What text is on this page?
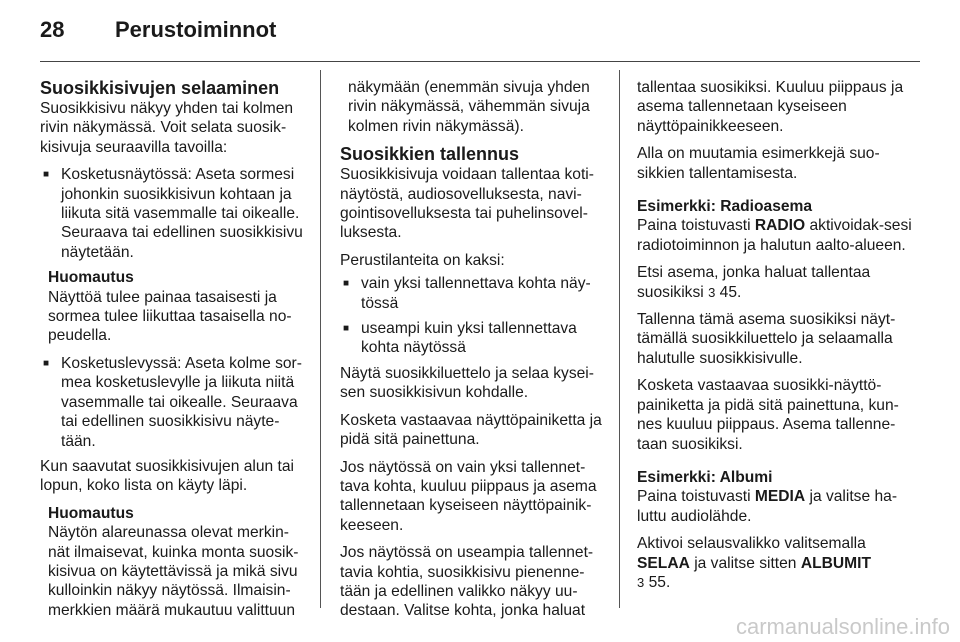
28	Perustoiminnot
Suosikkisivujen selaaminen

Suosikkisivu näkyy yhden tai kolmen rivin näkymässä. Voit selata suosik-kisivuja seuraavilla tavoilla:

■ Kosketusnäytössä: Aseta sormesi johonkin suosikkisivun kohtaan ja liikuta sitä vasemmalle tai oikealle. Seuraava tai edellinen suosikkisivu näytetään.
Huomautus
Näyttöä tulee painaa tasaisesti ja sormea tulee liikuttaa tasaisella no-peudella.
■ Kosketuslevyssä: Aseta kolme sor-mea kosketuslevylle ja liikuta niitä vasemmalle tai oikealle. Seuraava tai edellinen suosikkisivu näyte-tään.

Kun saavutat suosikkisivujen alun tai lopun, koko lista on käyty läpi.

Huomautus
Näytön alareunassa olevat merkin-nät ilmaisevat, kuinka monta suosik-kisivua on käytettävissä ja mikä sivu kulloinkin näkyy näytössä. Ilmaisin-merkkien määrä mukautuu valittuun

näkymään (enemmän sivuja yhden rivin näkymässä, vähemmän sivuja kolmen rivin näkymässä).

Suosikkien tallennus

Suosikkisivuja voidaan tallentaa koti-näytöstä, audiosovelluksesta, navi-gointisovelluksesta tai puhelinsovel-luksesta.

Perustilanteita on kaksi:

■ vain yksi tallennettava kohta näy-tössä
■ useampi kuin yksi tallennettava kohta näytössä

Näytä suosikkiluettelo ja selaa kysei-sen suosikkisivun kohdalle.

Kosketa vastaavaa näyttöpainiketta ja pidä sitä painettuna.

Jos näytössä on vain yksi tallennet-tava kohta, kuuluu piippaus ja asema tallennetaan kyseiseen näyttöpainik-keeseen.

Jos näytössä on useampia tallennet-tavia kohtia, suosikkisivu pienenne-tään ja edellinen valikko näkyy uu-destaan. Valitse kohta, jonka haluat

tallentaa suosikiksi. Kuuluu piippaus ja asema tallennetaan kyseiseen näyttöpainikkeeseen.

Alla on muutamia esimerkkejä suo-sikkien tallentamisesta.

Esimerkki: Radioasema

Paina toistuvasti RADIO aktivoidak-sesi radiotoiminnon ja halutun aalto-alueen.

Etsi asema, jonka haluat tallentaa suosikiksi 3 45.

Tallenna tämä asema suosikiksi näyt-tämällä suosikkiluettelo ja selaamalla halutulle suosikkisivulle.

Kosketa vastaavaa suosikki-näyttö-painiketta ja pidä sitä painettuna, kun-nes kuuluu piippaus. Asema tallenne-taan suosikiksi.

Esimerkki: Albumi

Paina toistuvasti MEDIA ja valitse ha-luttu audiolähde.

Aktivoi selausvalikko valitsemalla SELAA ja valitse sitten ALBUMIT
3 55.

carmanualsonline.info
